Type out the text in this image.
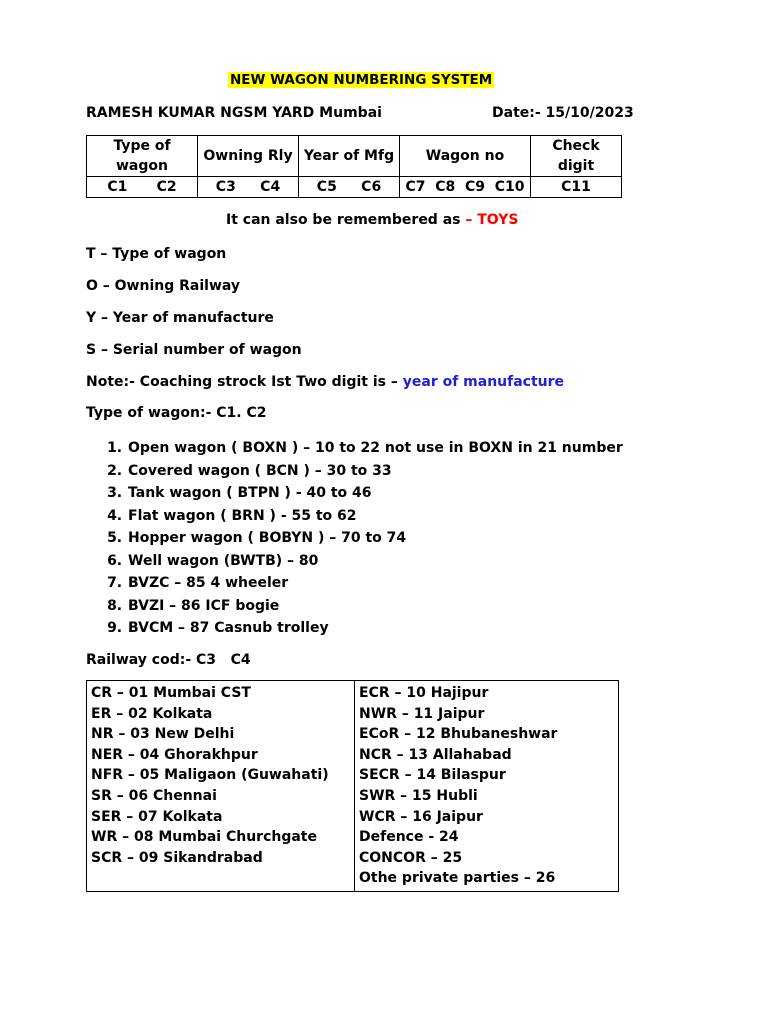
NEW WAGON NUMBERING SYSTEM
RAMESH KUMAR NGSM YARD Mumbai	Date:- 15/10/2023
Type of wagon	Owning Rly	Year of Mfg	Wagon no	Check digit
C1      C2	C3     C4	C5     C6	C7  C8  C9  C10	C11
It can also be remembered as – TOYS
T – Type of wagon
O – Owning Railway
Y – Year of manufacture
S – Serial number of wagon
Note:- Coaching strock Ist Two digit is – year of manufacture
Type of wagon:- C1. C2
1. Open wagon ( BOXN ) – 10 to 22 not use in BOXN in 21 number
2. Covered wagon ( BCN ) – 30 to 33
3. Tank wagon ( BTPN ) - 40 to 46
4. Flat wagon ( BRN ) - 55 to 62
5. Hopper wagon ( BOBYN ) – 70 to 74
6. Well wagon (BWTB) – 80
7. BVZC – 85 4 wheeler
8. BVZI – 86 ICF bogie
9. BVCM – 87 Casnub trolley
Railway cod:- C3   C4
CR – 01 Mumbai CST
ER – 02 Kolkata
NR – 03 New Delhi
NER – 04 Ghorakhpur
NFR – 05 Maligaon (Guwahati)
SR – 06 Chennai
SER – 07 Kolkata
WR – 08 Mumbai Churchgate
SCR – 09 Sikandrabad

ECR – 10 Hajipur
NWR – 11 Jaipur
ECoR – 12 Bhubaneshwar
NCR – 13 Allahabad
SECR – 14 Bilaspur
SWR – 15 Hubli
WCR – 16 Jaipur
Defence - 24
CONCOR – 25
Othe private parties – 26
